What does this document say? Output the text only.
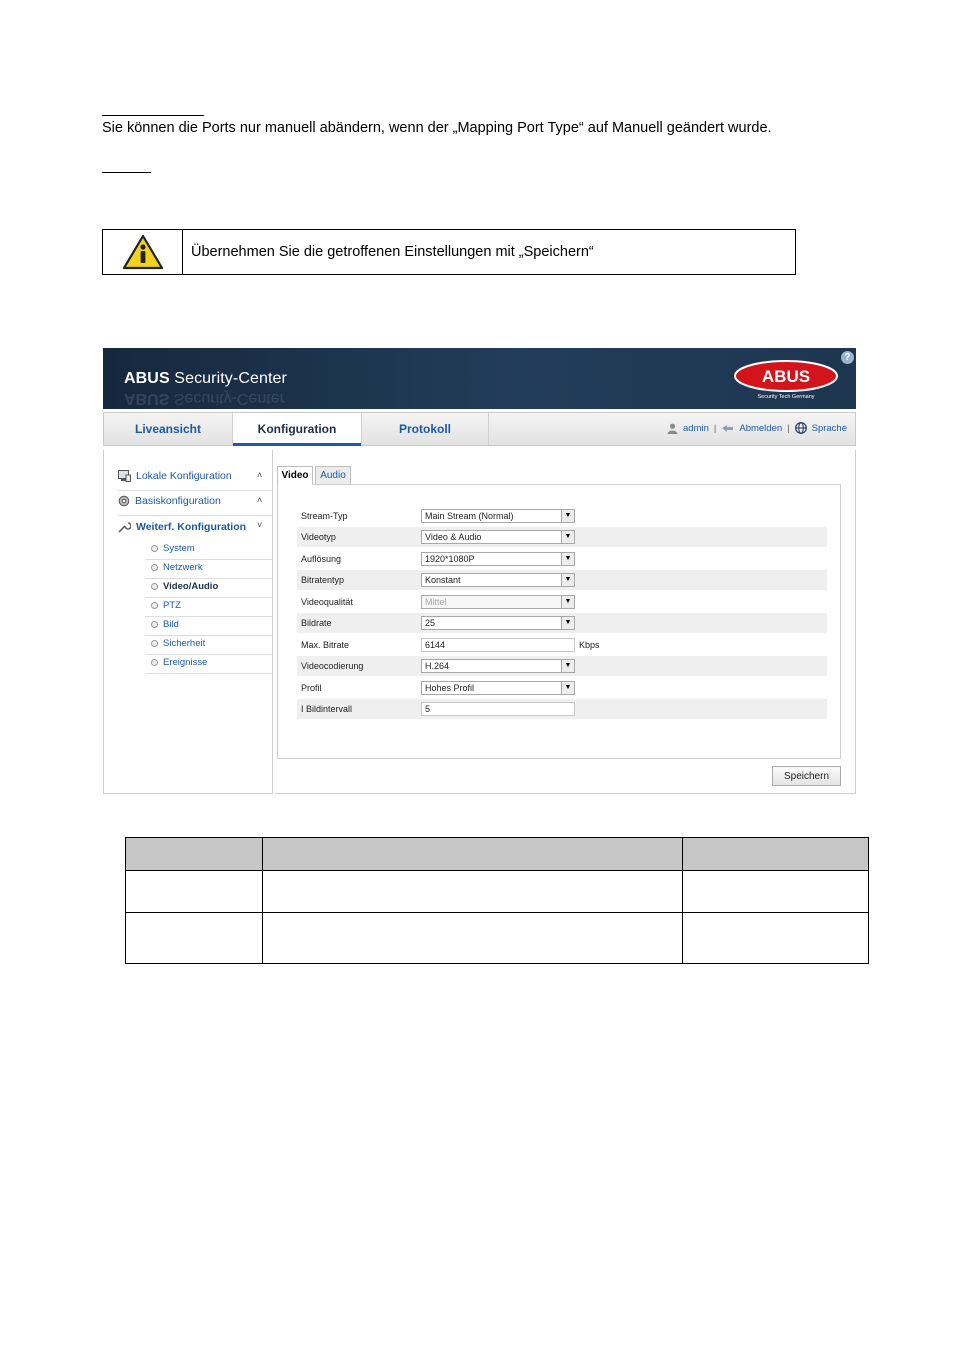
Sie können die Ports nur manuell abändern, wenn der „Mapping Port Type“ auf Manuell geändert wurde.
Übernehmen Sie die getroffenen Einstellungen mit „Speichern“
ABUS Security-Center
ABUS Security-Center
ABUS
Security Tech Germany
?
Liveansicht	Konfiguration	Protokoll	admin | Abmelden | Sprache
Lokale Konfiguration	˄
Basiskonfiguration	˄
Weiterf. Konfiguration ˅
System
Netzwerk
Video/Audio
PTZ
Bild
Sicherheit
Ereignisse
Video	Audio
Stream-Typ	Main Stream (Normal)	▼
Videotyp	Video & Audio	▼
Auflösung	1920*1080P	▼
Bitratentyp	Konstant	▼
Videoqualität	Mittel	▼
Bildrate	25	▼
Max. Bitrate	6144	Kbps
Videocodierung	H.264	▼
Profil	Hohes Profil	▼
I Bildintervall	5
Speichern
